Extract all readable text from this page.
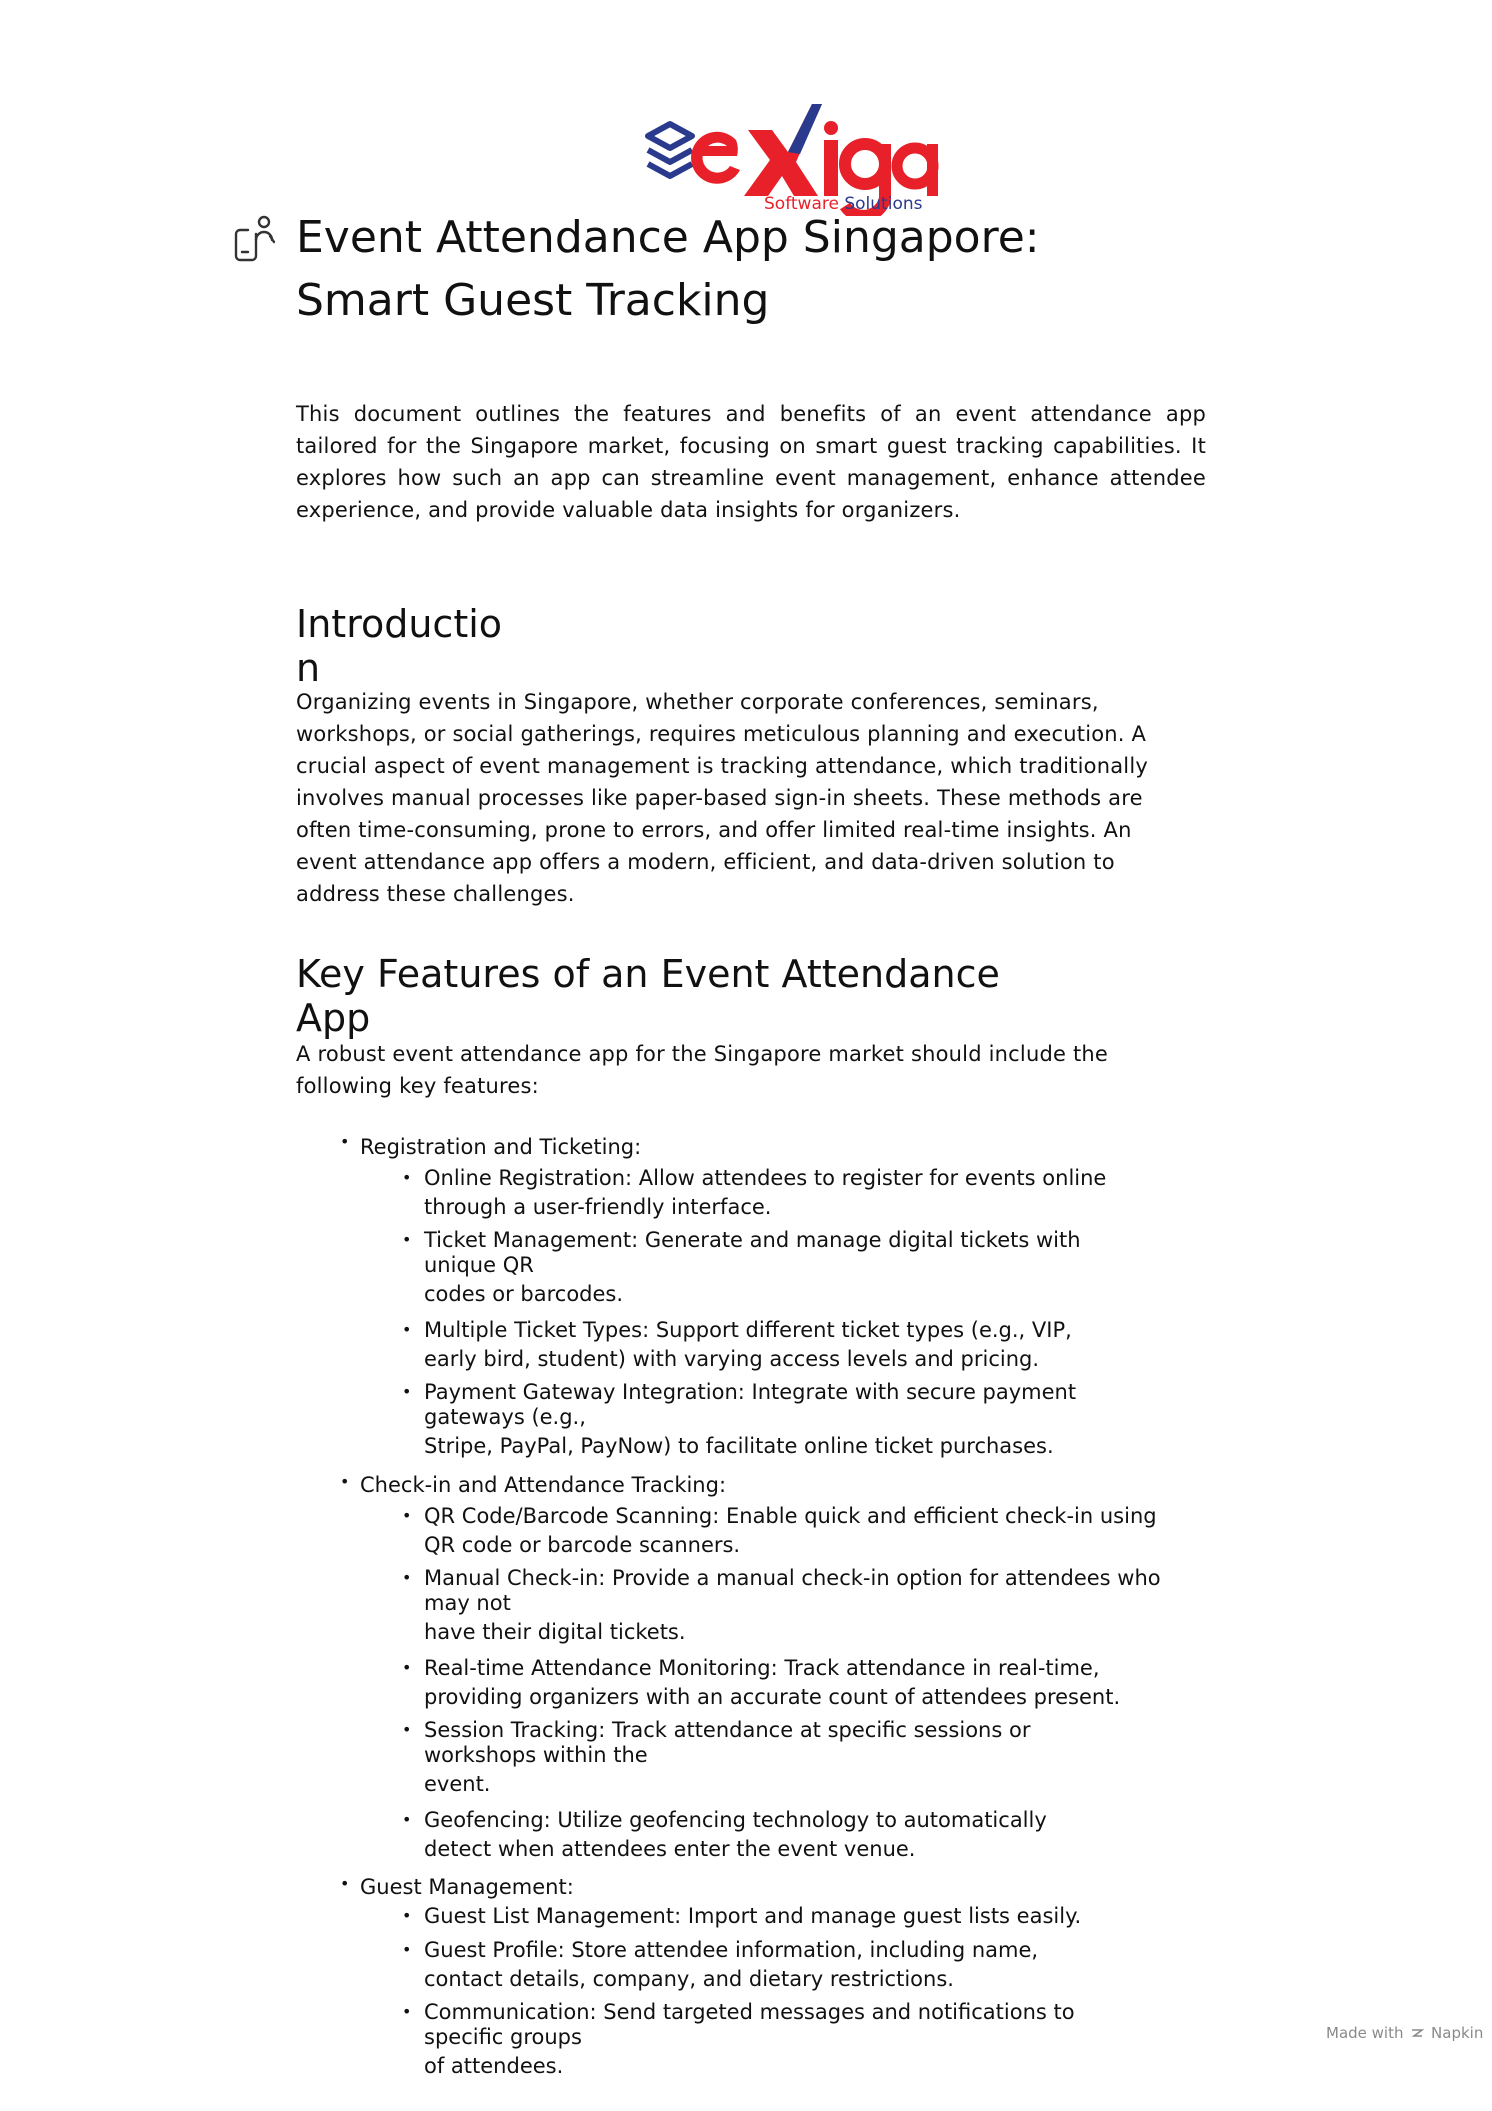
Software Solutions
Event Attendance App Singapore:
Smart Guest Tracking

This document outlines the features and benefits of an event attendance app tailored for the Singapore market, focusing on smart guest tracking capabilities. It explores how such an app can streamline event management, enhance attendee experience, and provide valuable data insights for organizers.

Introduction
Organizing events in Singapore, whether corporate conferences, seminars,
workshops, or social gatherings, requires meticulous planning and execution. A
crucial aspect of event management is tracking attendance, which traditionally
involves manual processes like paper-based sign-in sheets. These methods are
often time-consuming, prone to errors, and offer limited real-time insights. An
event attendance app offers a modern, efficient, and data-driven solution to
address these challenges.
Key Features of an Event Attendance
App
A robust event attendance app for the Singapore market should include the
following key features:
• Registration and Ticketing:
• Online Registration: Allow attendees to register for events online
through a user-friendly interface.
• Ticket Management: Generate and manage digital tickets with
unique QR
codes or barcodes.
• Multiple Ticket Types: Support different ticket types (e.g., VIP,
early bird, student) with varying access levels and pricing.
• Payment Gateway Integration: Integrate with secure payment
gateways (e.g.,
Stripe, PayPal, PayNow) to facilitate online ticket purchases.
• Check-in and Attendance Tracking:
• QR Code/Barcode Scanning: Enable quick and efficient check-in using
QR code or barcode scanners.
• Manual Check-in: Provide a manual check-in option for attendees who
may not
have their digital tickets.
• Real-time Attendance Monitoring: Track attendance in real-time,
providing organizers with an accurate count of attendees present.
• Session Tracking: Track attendance at specific sessions or
workshops within the
event.
• Geofencing: Utilize geofencing technology to automatically
detect when attendees enter the event venue.
• Guest Management:
• Guest List Management: Import and manage guest lists easily.
• Guest Profile: Store attendee information, including name,
contact details, company, and dietary restrictions.
• Communication: Send targeted messages and notifications to
specific groups
of attendees.
Made with Napkin
